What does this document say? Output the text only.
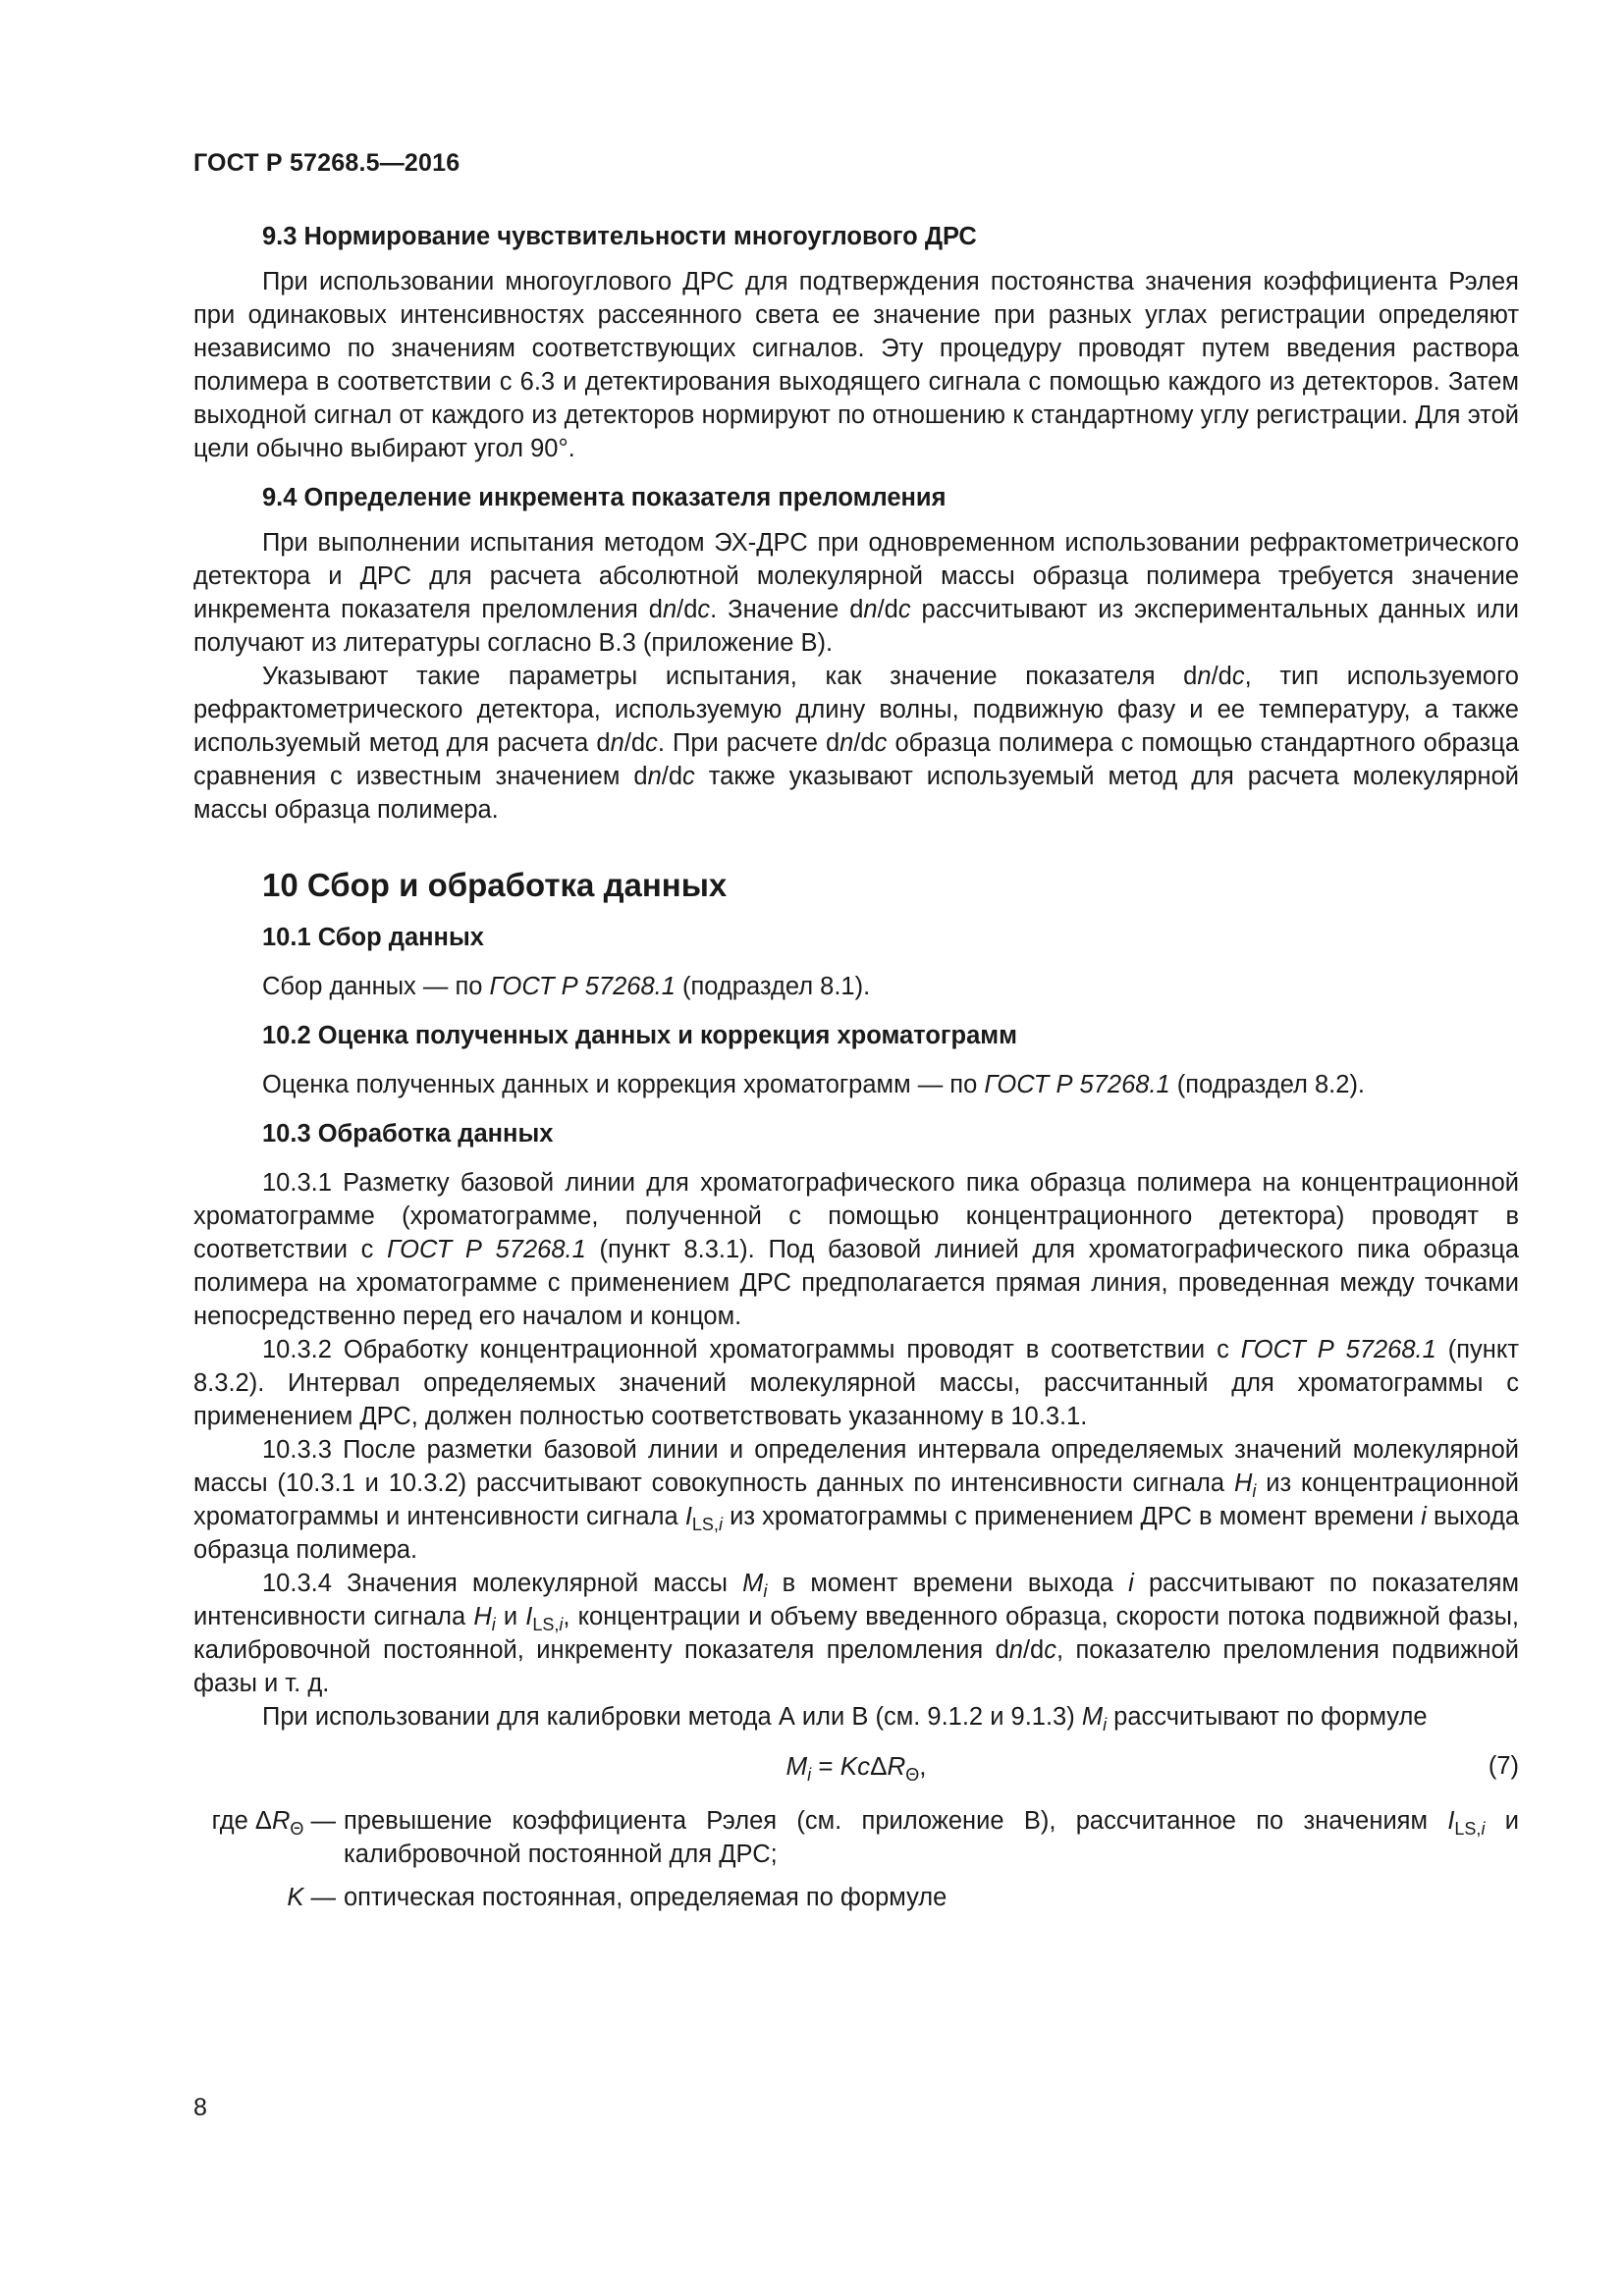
ГОСТ Р 57268.5—2016
9.3 Нормирование чувствительности многоуглового ДРС

При использовании многоуглового ДРС для подтверждения постоянства значения коэффициента Рэлея при одинаковых интенсивностях рассеянного света ее значение при разных углах регистрации определяют независимо по значениям соответствующих сигналов. Эту процедуру проводят путем введения раствора полимера в соответствии с 6.3 и детектирования выходящего сигнала с помощью каждого из детекторов. Затем выходной сигнал от каждого из детекторов нормируют по отношению к стандартному углу регистрации. Для этой цели обычно выбирают угол 90°.

9.4 Определение инкремента показателя преломления

При выполнении испытания методом ЭХ-ДРС при одновременном использовании рефрактометрического детектора и ДРС для расчета абсолютной молекулярной массы образца полимера требуется значение инкремента показателя преломления dn/dc. Значение dn/dc рассчитывают из экспериментальных данных или получают из литературы согласно В.3 (приложение В).

Указывают такие параметры испытания, как значение показателя dn/dc, тип используемого рефрактометрического детектора, используемую длину волны, подвижную фазу и ее температуру, а также используемый метод для расчета dn/dc. При расчете dn/dc образца полимера с помощью стандартного образца сравнения с известным значением dn/dc также указывают используемый метод для расчета молекулярной массы образца полимера.

10 Сбор и обработка данных
10.1 Сбор данных

Сбор данных — по ГОСТ Р 57268.1 (подраздел 8.1).

10.2 Оценка полученных данных и коррекция хроматограмм

Оценка полученных данных и коррекция хроматограмм — по ГОСТ Р 57268.1 (подраздел 8.2).

10.3 Обработка данных

10.3.1 Разметку базовой линии для хроматографического пика образца полимера на концентрационной хроматограмме (хроматограмме, полученной с помощью концентрационного детектора) проводят в соответствии с ГОСТ Р 57268.1 (пункт 8.3.1). Под базовой линией для хроматографического пика образца полимера на хроматограмме с применением ДРС предполагается прямая линия, проведенная между точками непосредственно перед его началом и концом.

10.3.2 Обработку концентрационной хроматограммы проводят в соответствии с ГОСТ Р 57268.1 (пункт 8.3.2). Интервал определяемых значений молекулярной массы, рассчитанный для хроматограммы с применением ДРС, должен полностью соответствовать указанному в 10.3.1.

10.3.3 После разметки базовой линии и определения интервала определяемых значений молекулярной массы (10.3.1 и 10.3.2) рассчитывают совокупность данных по интенсивности сигнала $H_i$ из концентрационной хроматограммы и интенсивности сигнала $I_{LS,i}$ из хроматограммы с применением ДРС в момент времени i выхода образца полимера.

10.3.4 Значения молекулярной массы $M_i$ в момент времени выхода i рассчитывают по показателям интенсивности сигнала $H_i$ и $I_{LS,i}$, концентрации и объему введенного образца, скорости потока подвижной фазы, калибровочной постоянной, инкременту показателя преломления dn/dc, показателю преломления подвижной фазы и т. д.

При использовании для калибровки метода А или В (см. 9.1.2 и 9.1.3) $M_i$ рассчитывают по формуле

$M_i = Kc\Delta R_\Theta$,	(7)
где $\Delta R_\Theta$ —	превышение коэффициента Рэлея (см. приложение В), рассчитанное по значениям $I_{LS,i}$ и калибровочной постоянной для ДРС;
K —	оптическая постоянная, определяемая по формуле
8
